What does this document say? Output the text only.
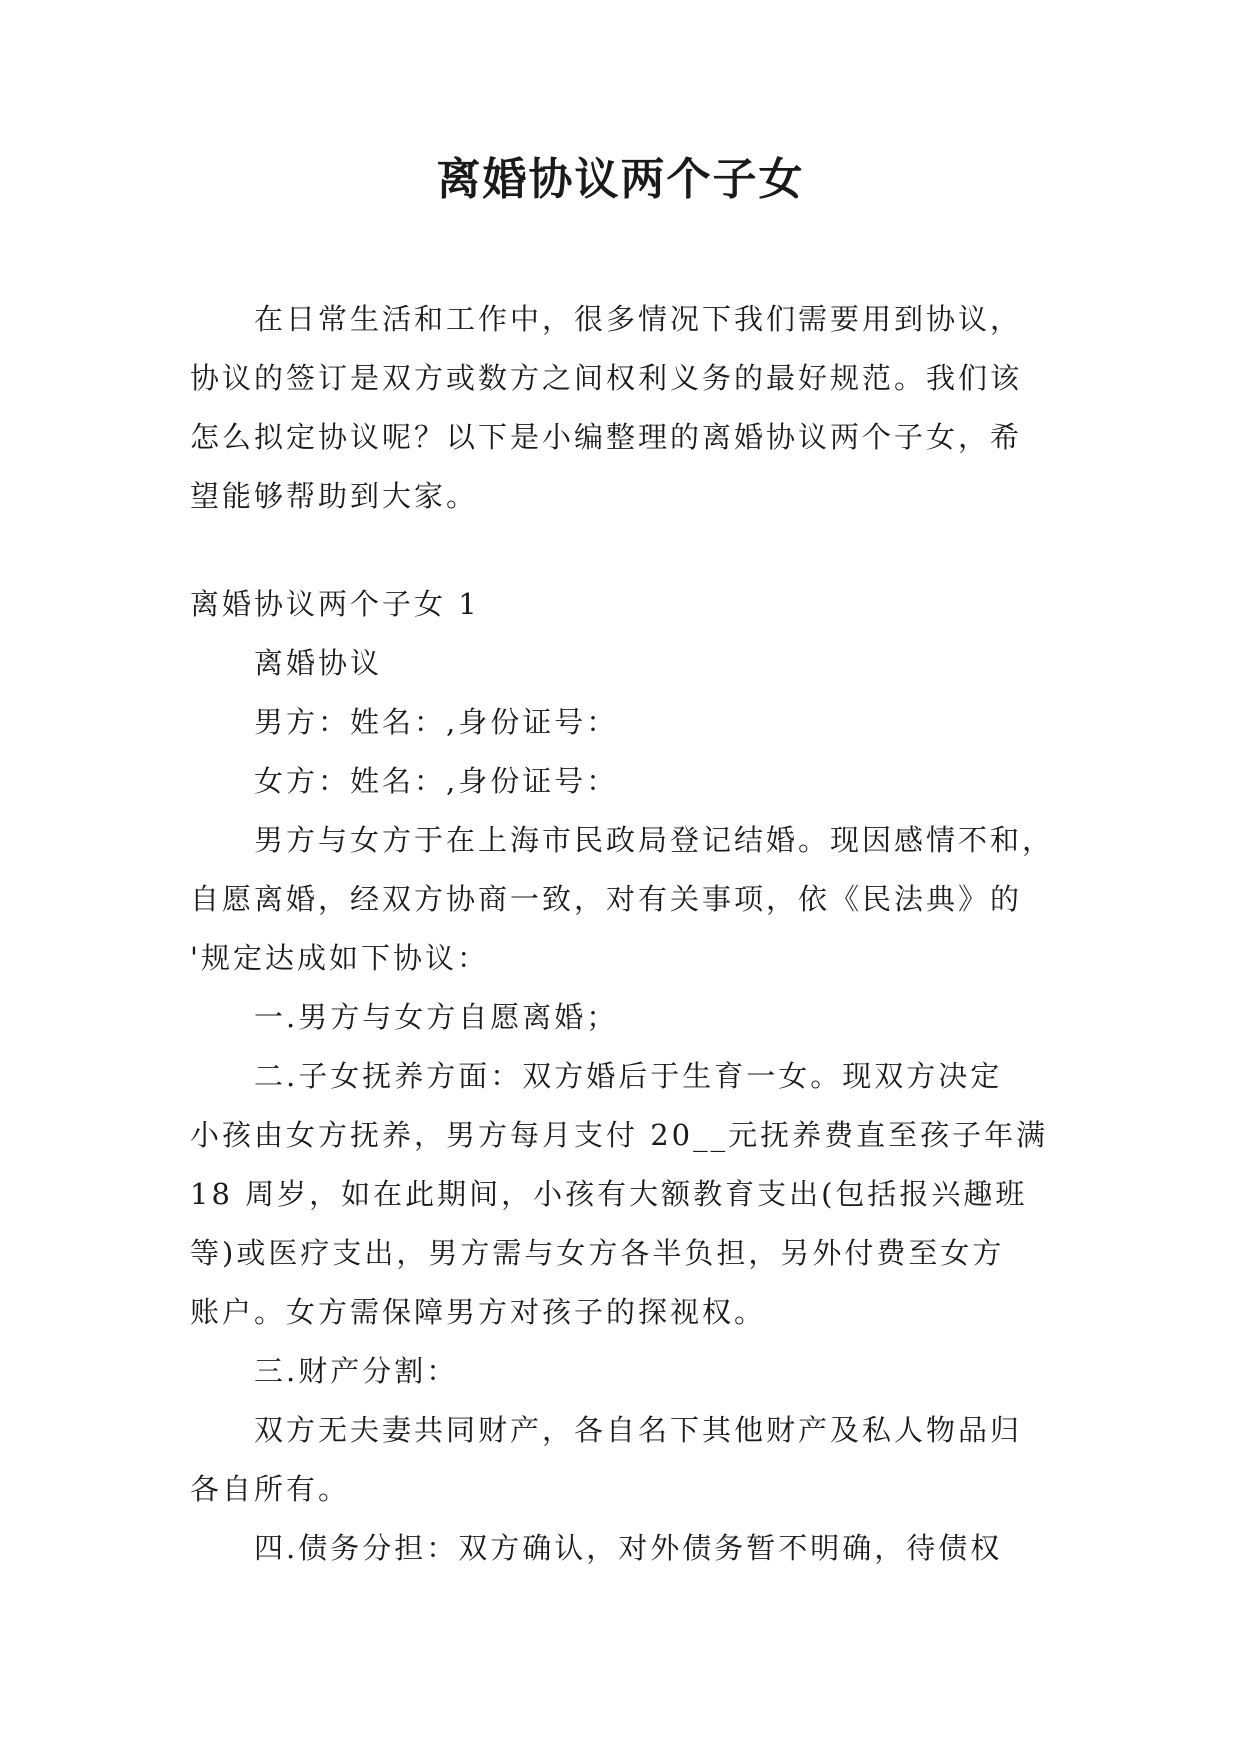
离婚协议两个子女
在日常生活和工作中，很多情况下我们需要用到协议，
协议的签订是双方或数方之间权利义务的最好规范。我们该
怎么拟定协议呢？以下是小编整理的离婚协议两个子女，希
望能够帮助到大家。
离婚协议两个子女 1
离婚协议
男方：姓名：,身份证号：
女方：姓名：,身份证号：
男方与女方于在上海市民政局登记结婚。现因感情不和，
自愿离婚，经双方协商一致，对有关事项，依《民法典》的
'规定达成如下协议：
一.男方与女方自愿离婚；
二.子女抚养方面：双方婚后于生育一女。现双方决定
小孩由女方抚养，男方每月支付 20__元抚养费直至孩子年满
18 周岁，如在此期间，小孩有大额教育支出(包括报兴趣班
等)或医疗支出，男方需与女方各半负担，另外付费至女方
账户。女方需保障男方对孩子的探视权。
三.财产分割：
双方无夫妻共同财产，各自名下其他财产及私人物品归
各自所有。
四.债务分担：双方确认，对外债务暂不明确，待债权
